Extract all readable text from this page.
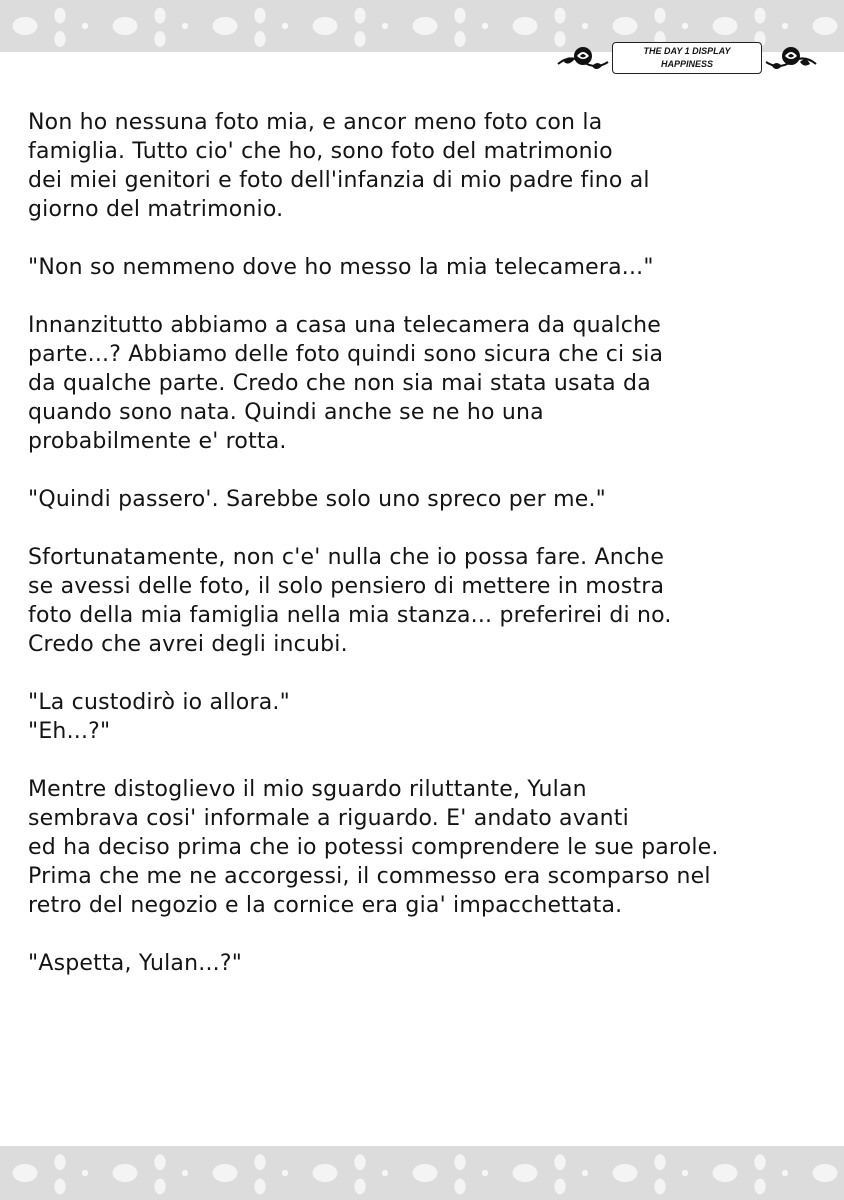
THE DAY 1 DISPLAY
HAPPINESS

Non ho nessuna foto mia, e ancor meno foto con la
famiglia. Tutto cio' che ho, sono foto del matrimonio
dei miei genitori e foto dell'infanzia di mio padre fino al
giorno del matrimonio.

"Non so nemmeno dove ho messo la mia telecamera..."

Innanzitutto abbiamo a casa una telecamera da qualche
parte...? Abbiamo delle foto quindi sono sicura che ci sia
da qualche parte. Credo che non sia mai stata usata da
quando sono nata. Quindi anche se ne ho una
probabilmente e' rotta.

"Quindi passero'. Sarebbe solo uno spreco per me."

Sfortunatamente, non c'e' nulla che io possa fare. Anche
se avessi delle foto, il solo pensiero di mettere in mostra
foto della mia famiglia nella mia stanza... preferirei di no.
Credo che avrei degli incubi.

"La custodirò io allora."
"Eh...?"

Mentre distoglievo il mio sguardo riluttante, Yulan
sembrava cosi' informale a riguardo. E' andato avanti
ed ha deciso prima che io potessi comprendere le sue parole.
Prima che me ne accorgessi, il commesso era scomparso nel
retro del negozio e la cornice era gia' impacchettata.

"Aspetta, Yulan...?"
